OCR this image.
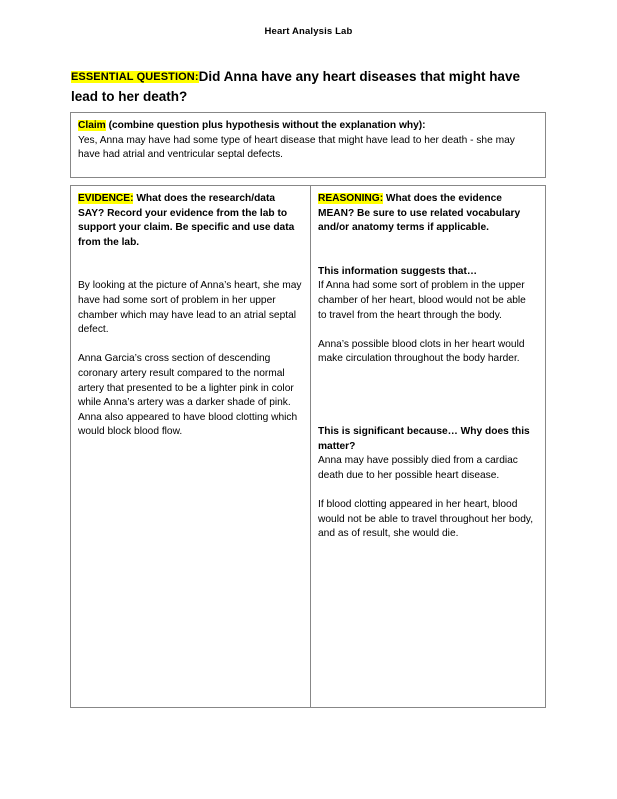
Heart Analysis Lab
ESSENTIAL QUESTION:Did Anna have any heart diseases that might have lead to her death?
Claim (combine question plus hypothesis without the explanation why):
Yes, Anna may have had some type of heart disease that might have lead to her death - she may have had atrial and ventricular septal defects.
EVIDENCE: What does the research/data SAY? Record your evidence from the lab to support your claim. Be specific and use data from the lab.
By looking at the picture of Anna’s heart, she may have had some sort of problem in her upper chamber which may have lead to an atrial septal defect.
Anna Garcia’s cross section of descending coronary artery result compared to the normal artery that presented to be a lighter pink in color while Anna’s artery was a darker shade of pink. Anna also appeared to have blood clotting which would block blood flow.
REASONING: What does the evidence MEAN? Be sure to use related vocabulary and/or anatomy terms if applicable.
This information suggests that…
If Anna had some sort of problem in the upper chamber of her heart, blood would not be able to travel from the heart through the body.
Anna’s possible blood clots in her heart would make circulation throughout the body harder.
This is significant because… Why does this matter?
Anna may have possibly died from a cardiac death due to her possible heart disease.
If blood clotting appeared in her heart, blood would not be able to travel throughout her body, and as of result, she would die.
